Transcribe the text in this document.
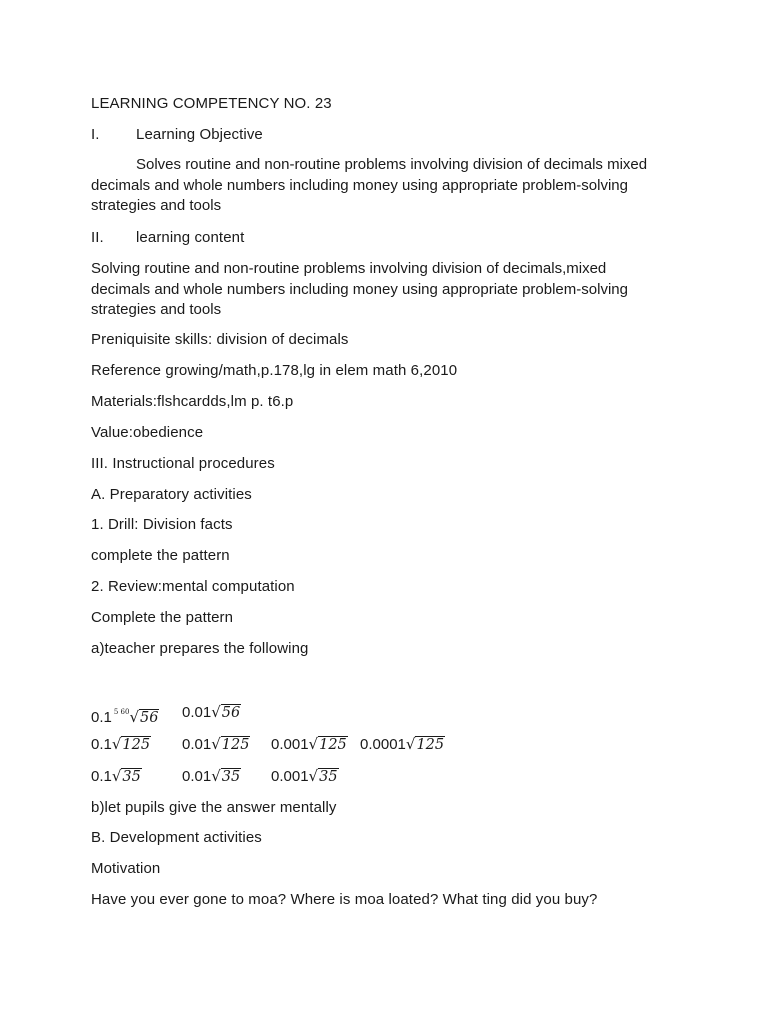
LEARNING COMPETENCY NO. 23
I. Learning Objective
Solves routine and non-routine problems involving division of decimals mixed decimals and whole numbers including money using appropriate problem-solving strategies and tools
II. learning content
Solving routine and non-routine problems involving division of decimals,mixed decimals and whole numbers including money using appropriate problem-solving strategies and tools
Preniquisite skills: division of decimals
Reference growing/math,p.178,lg in elem math 6,2010
Materials:flshcardds,lm p. t6.p
Value:obedience
III. Instructional procedures
A. Preparatory activities
1. Drill: Division facts
complete the pattern
2. Review:mental computation
Complete the pattern
a)teacher prepares the following
0.1 $^{5 60}$√56 0.01√56
0.1√125 0.01√125 0.001√125 0.0001√125
0.1√35	0.01√35 0.001√35
b)let pupils give the answer mentally
B. Development activities
Motivation
Have you ever gone to moa? Where is moa loated? What ting did you buy?
